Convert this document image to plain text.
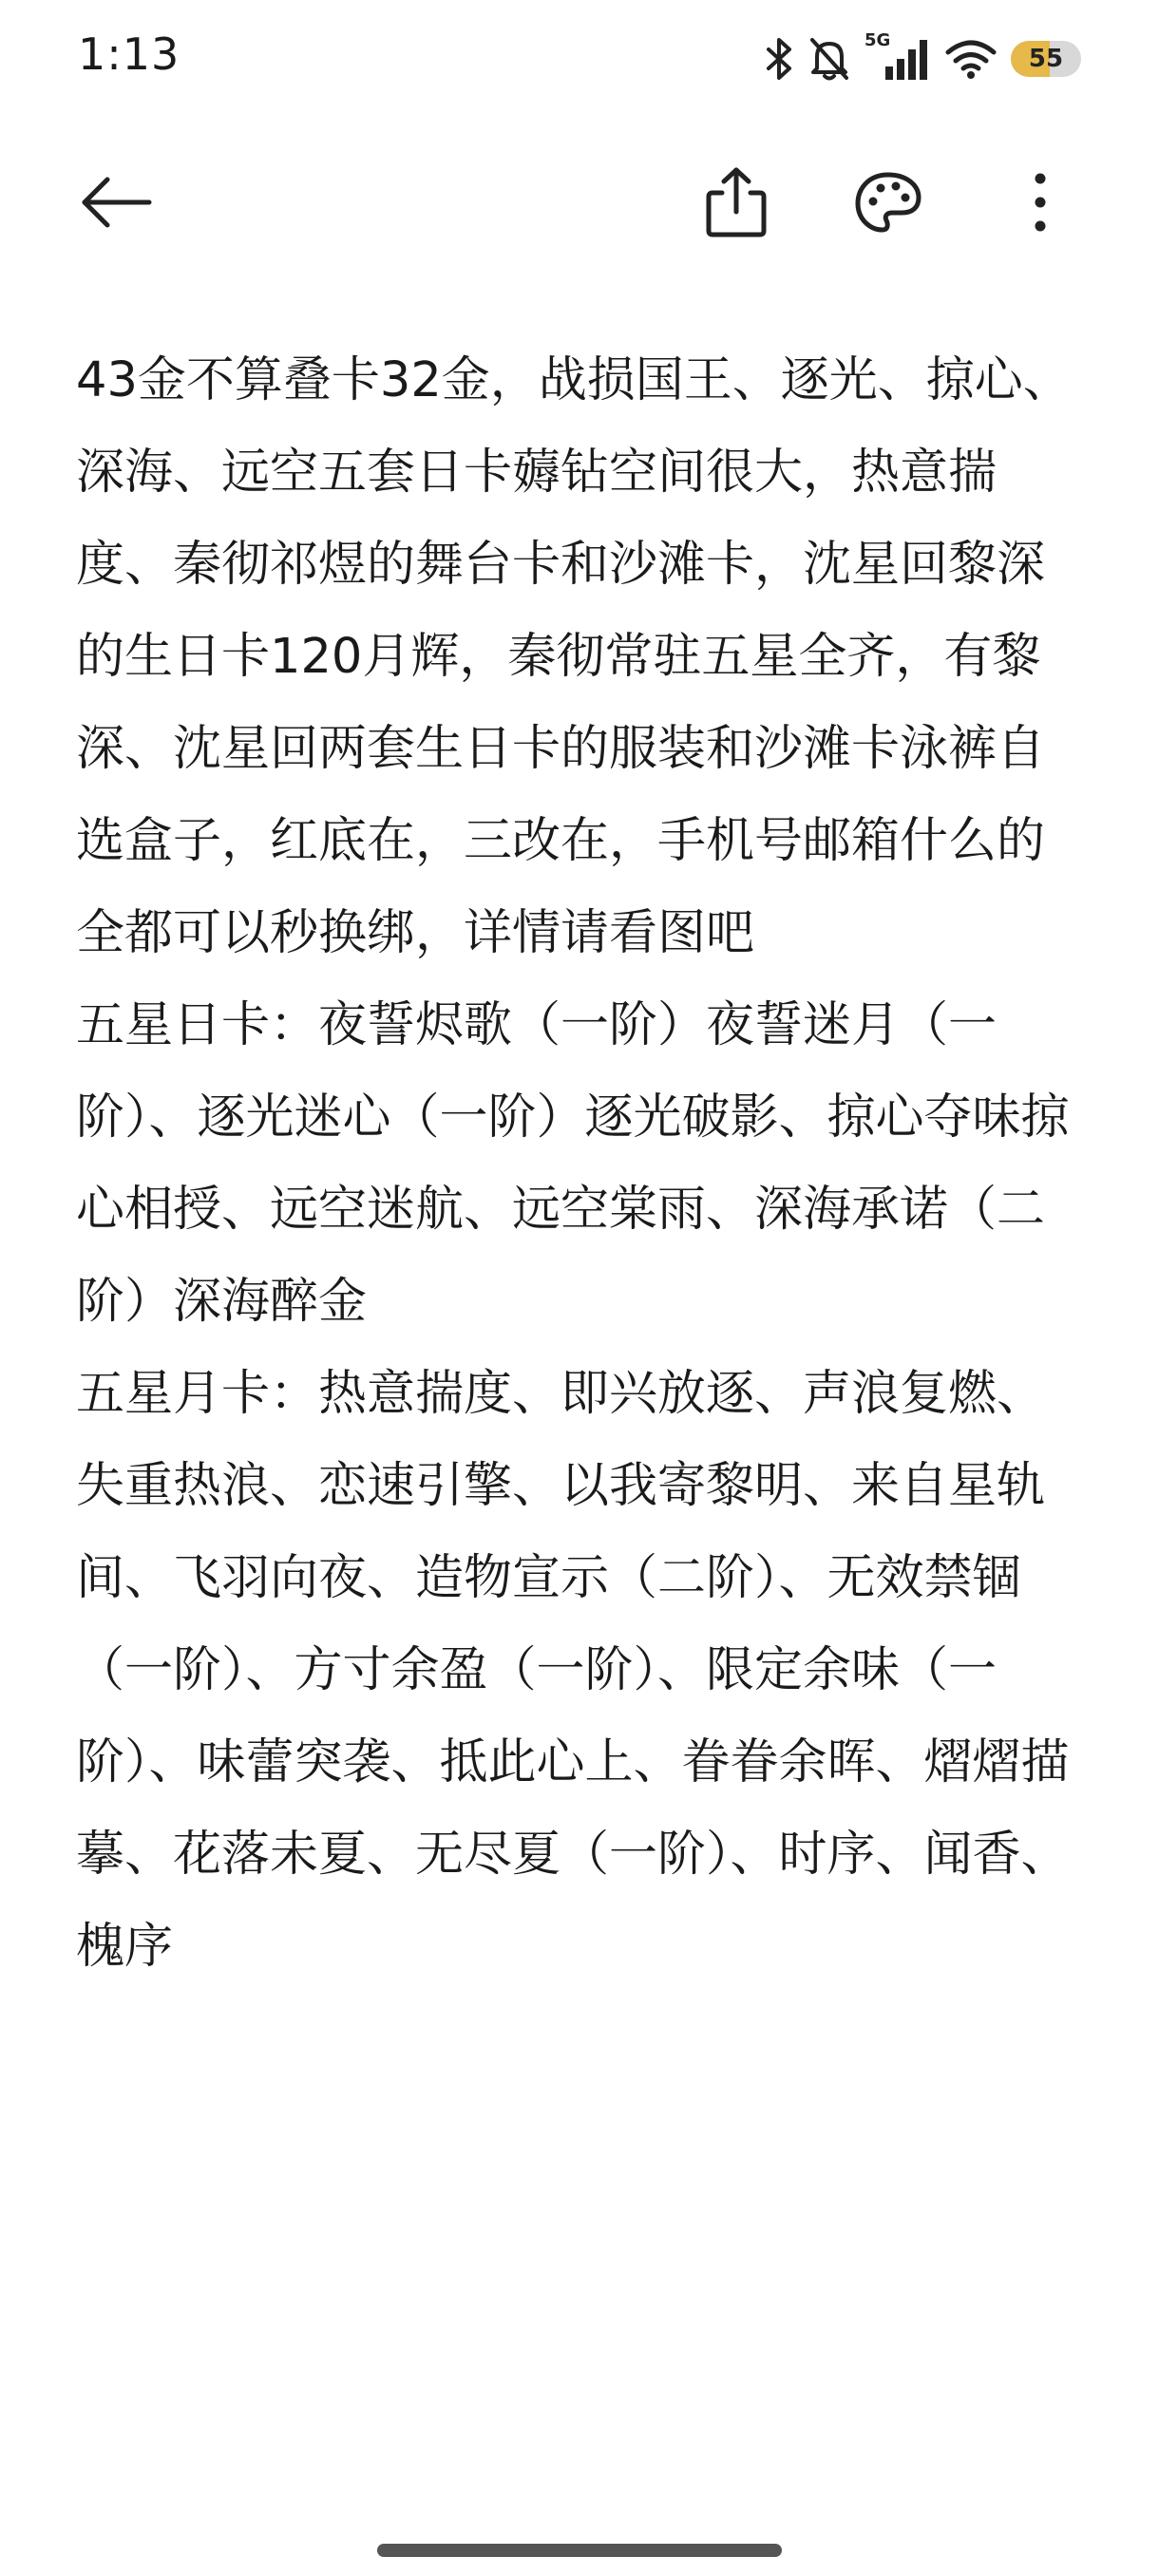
1:13	5G
55

43金不算叠卡32金，战损国王、逐光、掠心、深海、远空五套日卡薅钻空间很大，热意揣度、秦彻祁煜的舞台卡和沙滩卡，沈星回黎深的生日卡120月辉，秦彻常驻五星全齐，有黎深、沈星回两套生日卡的服装和沙滩卡泳裤自选盒子，红底在，三改在，手机号邮箱什么的全都可以秒换绑，详情请看图吧

五星日卡：夜誓烬歌（一阶）夜誓迷月（一阶）、逐光迷心（一阶）逐光破影、掠心夺味掠心相授、远空迷航、远空棠雨、深海承诺（二阶）深海醉金

五星月卡：热意揣度、即兴放逐、声浪复燃、失重热浪、恋速引擎、以我寄黎明、来自星轨间、飞羽向夜、造物宣示（二阶）、无效禁锢（一阶）、方寸余盈（一阶）、限定余味（一阶）、味蕾突袭、抵此心上、眷眷余晖、熠熠描摹、花落未夏、无尽夏（一阶）、时序、闻香、槐序
